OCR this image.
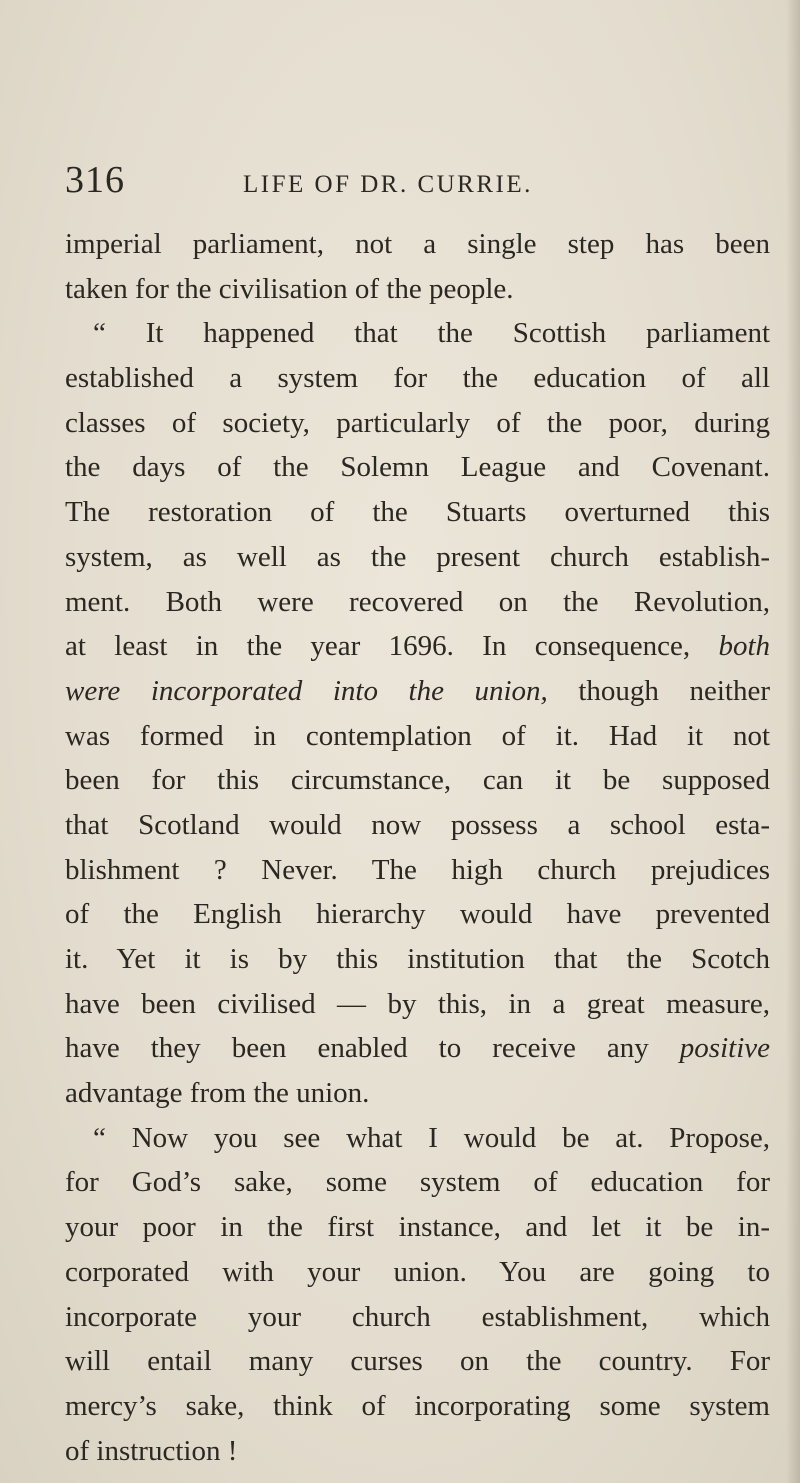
316	LIFE OF DR. CURRIE.
imperial parliament, not a single step has been
taken for the civilisation of the people.
“ It happened that the Scottish parliament
established a system for the education of all
classes of society, particularly of the poor, during
the days of the Solemn League and Covenant.
The restoration of the Stuarts overturned this
system, as well as the present church establish-
ment. Both were recovered on the Revolution,
at least in the year 1696. In consequence, both
were incorporated into the union, though neither
was formed in contemplation of it. Had it not
been for this circumstance, can it be supposed
that Scotland would now possess a school esta-
blishment ? Never. The high church prejudices
of the English hierarchy would have prevented
it. Yet it is by this institution that the Scotch
have been civilised — by this, in a great measure,
have they been enabled to receive any positive
advantage from the union.
“ Now you see what I would be at. Propose,
for God’s sake, some system of education for
your poor in the first instance, and let it be in-
corporated with your union. You are going to
incorporate your church establishment, which
will entail many curses on the country. For
mercy’s sake, think of incorporating some system
of instruction !
